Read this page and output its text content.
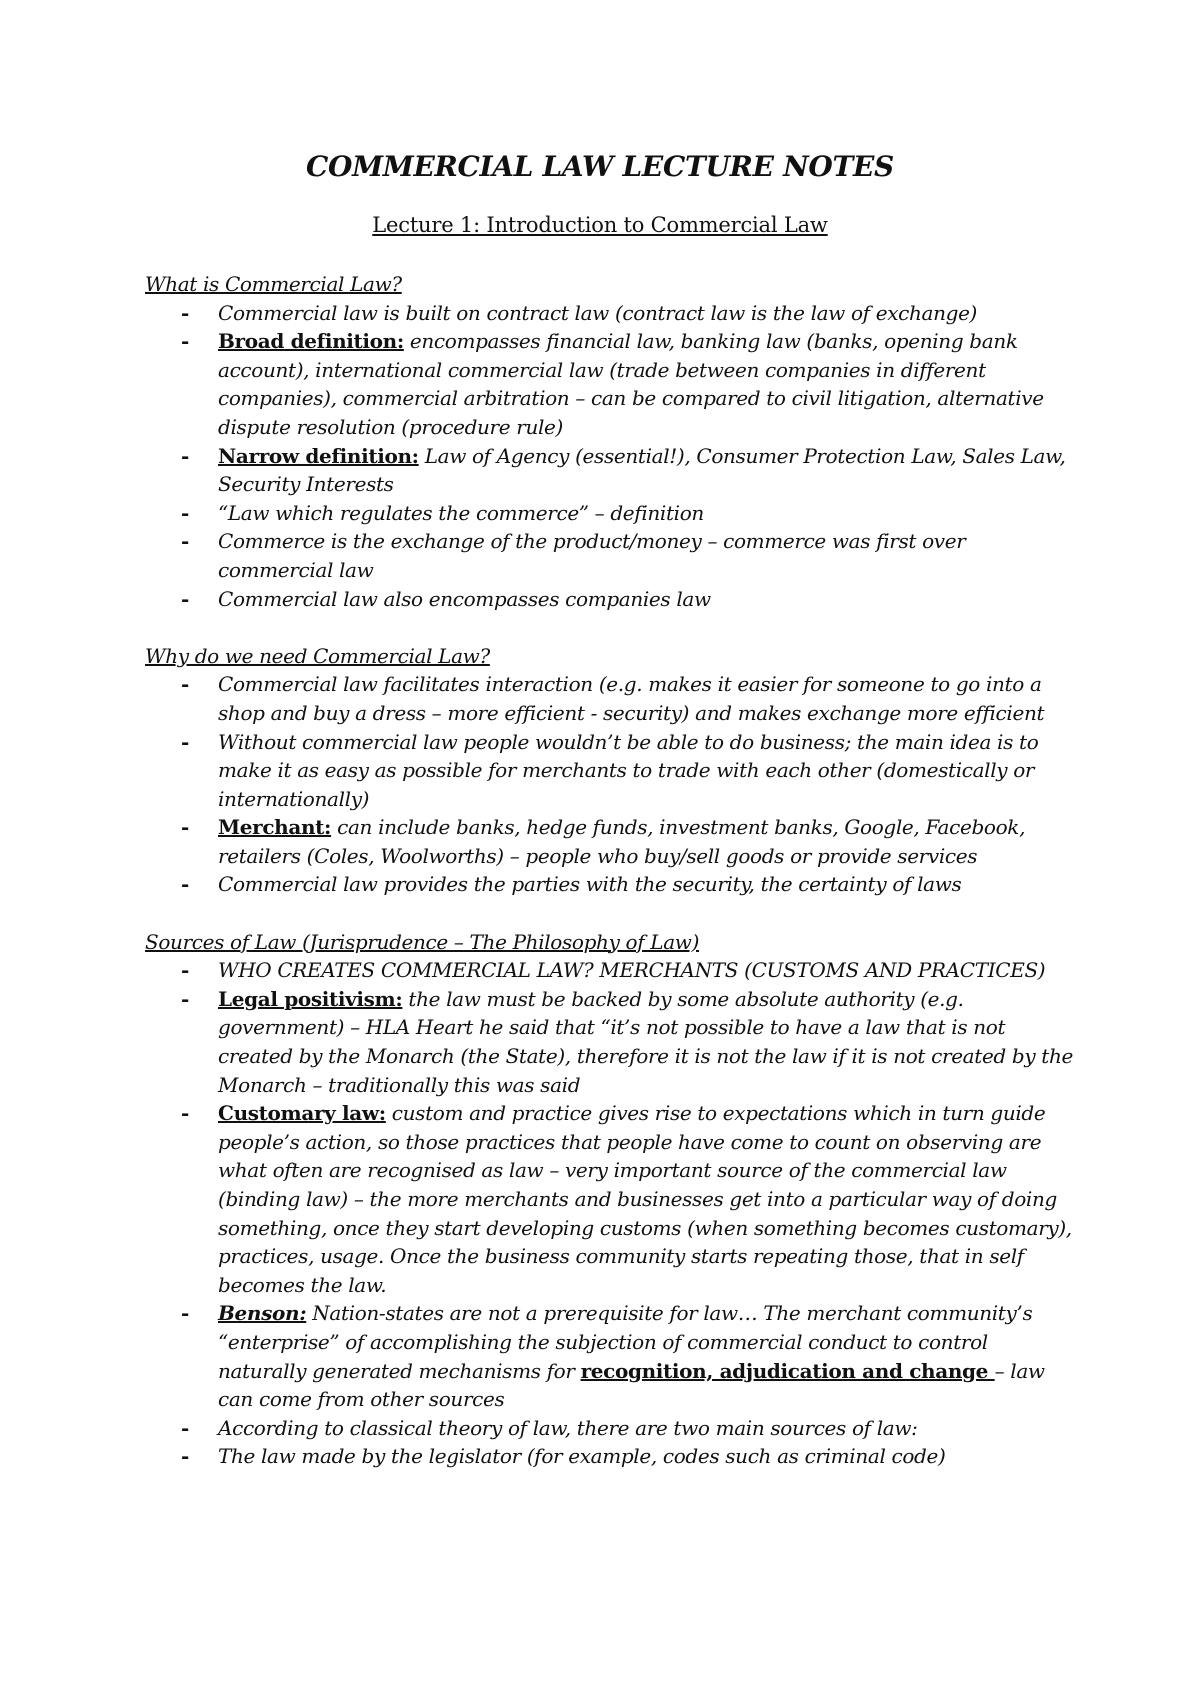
COMMERCIAL LAW LECTURE NOTES
Lecture 1: Introduction to Commercial Law
What is Commercial Law?
- Commercial law is built on contract law (contract law is the law of exchange)
- Broad definition: encompasses financial law, banking law (banks, opening bank account), international commercial law (trade between companies in different companies), commercial arbitration – can be compared to civil litigation, alternative dispute resolution (procedure rule)
- Narrow definition: Law of Agency (essential!), Consumer Protection Law, Sales Law, Security Interests
- “Law which regulates the commerce” – definition
- Commerce is the exchange of the product/money – commerce was first over commercial law
- Commercial law also encompasses companies law
Why do we need Commercial Law?
- Commercial law facilitates interaction (e.g. makes it easier for someone to go into a shop and buy a dress – more efficient - security) and makes exchange more efficient
- Without commercial law people wouldn’t be able to do business; the main idea is to make it as easy as possible for merchants to trade with each other (domestically or internationally)
- Merchant: can include banks, hedge funds, investment banks, Google, Facebook, retailers (Coles, Woolworths) – people who buy/sell goods or provide services
- Commercial law provides the parties with the security, the certainty of laws
Sources of Law (Jurisprudence – The Philosophy of Law)
- WHO CREATES COMMERCIAL LAW? MERCHANTS (CUSTOMS AND PRACTICES)
- Legal positivism: the law must be backed by some absolute authority (e.g. government) – HLA Heart he said that “it’s not possible to have a law that is not created by the Monarch (the State), therefore it is not the law if it is not created by the Monarch – traditionally this was said
- Customary law: custom and practice gives rise to expectations which in turn guide people’s action, so those practices that people have come to count on observing are what often are recognised as law – very important source of the commercial law (binding law) – the more merchants and businesses get into a particular way of doing something, once they start developing customs (when something becomes customary), practices, usage. Once the business community starts repeating those, that in self becomes the law.
- Benson: Nation-states are not a prerequisite for law… The merchant community’s “enterprise” of accomplishing the subjection of commercial conduct to control naturally generated mechanisms for recognition, adjudication and change – law can come from other sources
- According to classical theory of law, there are two main sources of law:
- The law made by the legislator (for example, codes such as criminal code)
